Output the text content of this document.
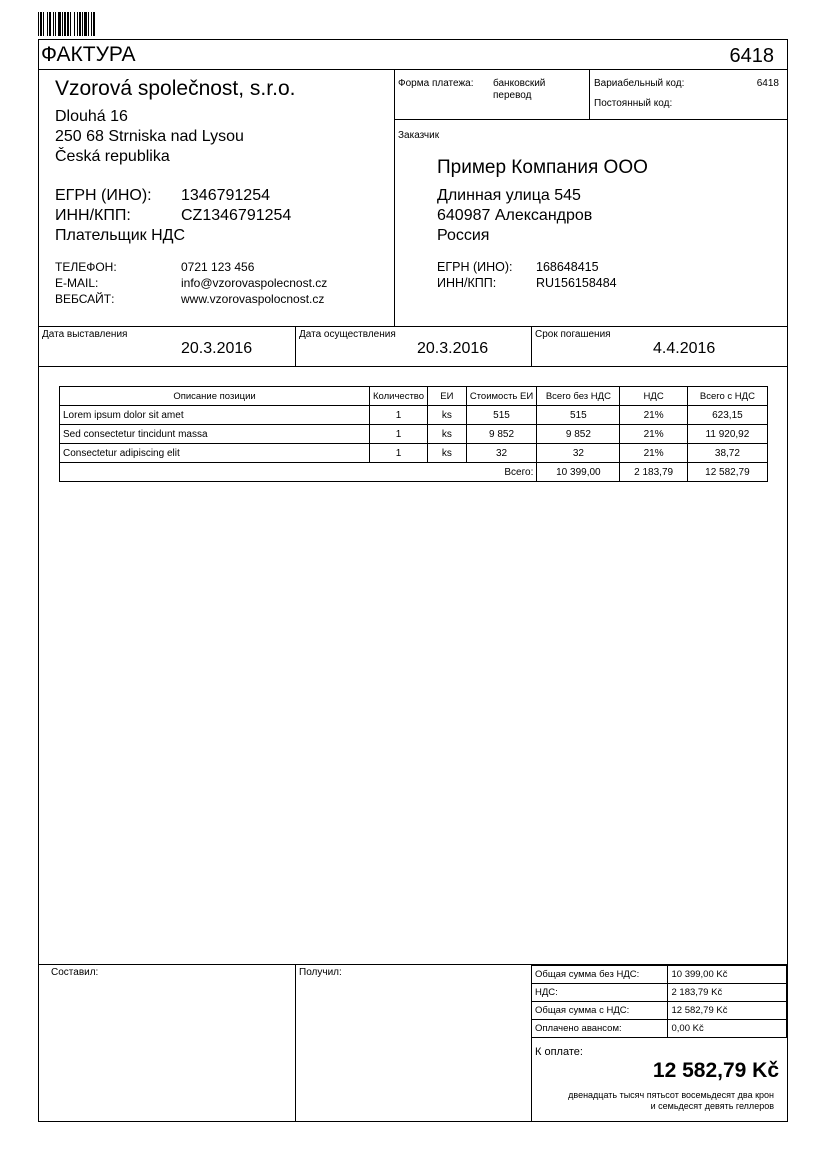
ФАКТУРА	6418
Vzorová společnost, s.r.o.
Dlouhá 16
250 68 Strniska nad Lysou
Česká republika
ЕГРН (ИНО): 1346791254
ИНН/КПП:	CZ1346791254
Плательщик НДС
ТЕЛЕФОН:	0721 123 456
E-MAIL:	info@vzorovaspolecnost.cz
ВЕБСАЙТ:	www.vzorovaspolocnost.cz
Форма платежа: банковский
перевод
Вариабельный код:	6418
Постоянный код:
Заказчик
Пример Компания ООО
Длинная улица 545
640987 Александров
Россия
ЕГРН (ИНО): 168648415
ИНН/КПП:	RU156158484
Дата выставления
20.3.2016
Дата осуществления
20.3.2016
Срок погашения
4.4.2016
Описание позиции	Количество	ЕИ	Стоимость ЕИ	Всего без НДС	НДС	Всего с НДС
Lorem ipsum dolor sit amet	1	ks	515	515	21%	623,15
Sed consectetur tincidunt massa	1	ks	9 852	9 852	21%	11 920,92
Consectetur adipiscing elit	1	ks	32	32	21%	38,72
			Всего:	10 399,00	2 183,79	12 582,79
Составил:	Получил:	Общая сумма без НДС:	10 399,00 Kč
НДС:	2 183,79 Kč
Общая сумма с НДС:	12 582,79 Kč
Оплачено авансом:	0,00 Kč
К оплате:
12 582,79 Kč
двенадцать тысяч пятьсот восемьдесят два крон
и семьдесят девять геллеров
